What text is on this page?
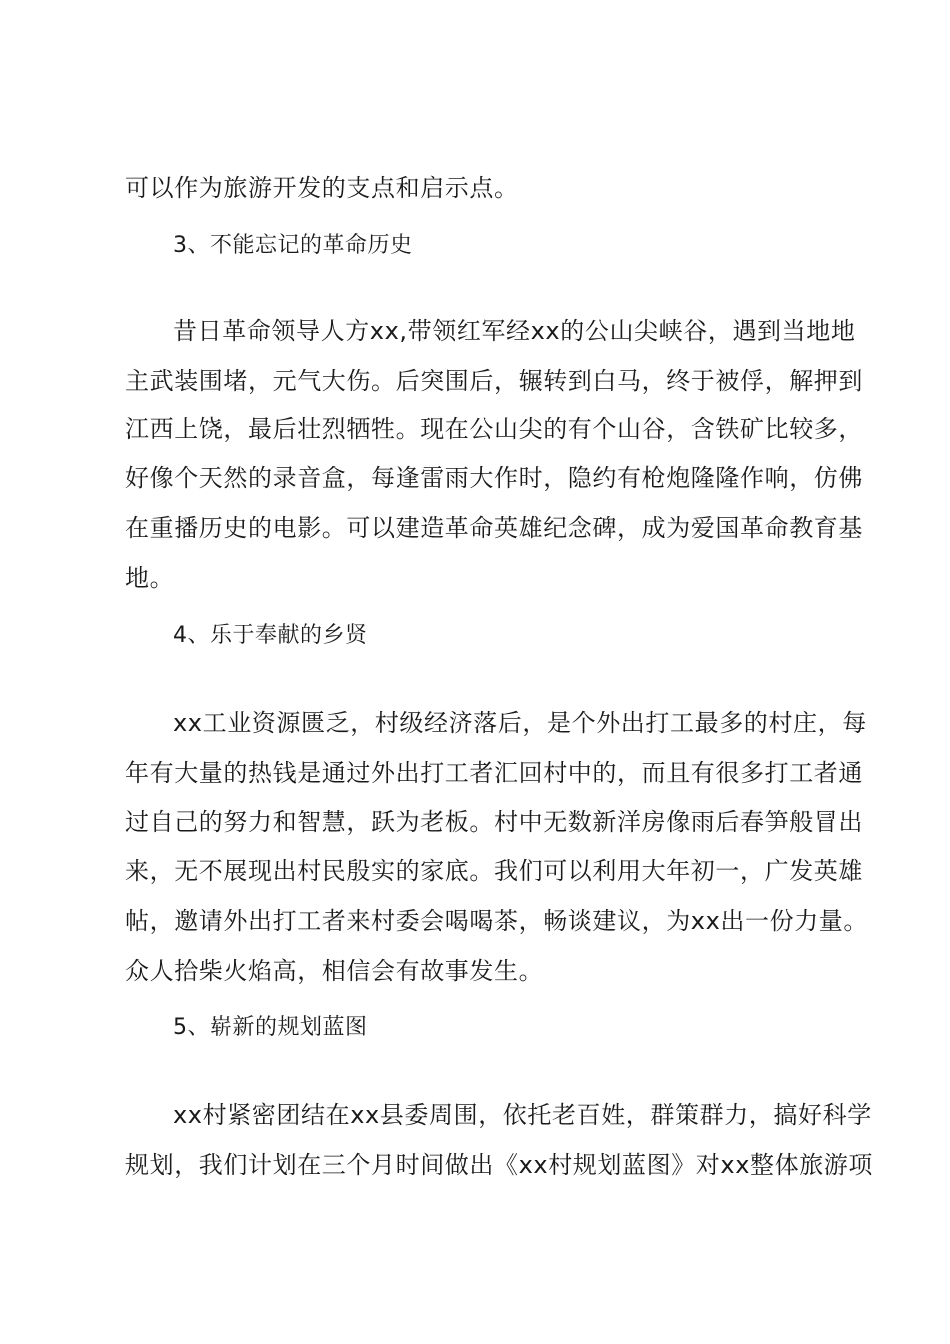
可以作为旅游开发的支点和启示点。
3、不能忘记的革命历史
昔日革命领导人方xx,带领红军经xx的公山尖峡谷，遇到当地地
主武装围堵，元气大伤。后突围后，辗转到白马，终于被俘，解押到
江西上饶，最后壮烈牺牲。现在公山尖的有个山谷，含铁矿比较多，
好像个天然的录音盒，每逢雷雨大作时，隐约有枪炮隆隆作响，仿佛
在重播历史的电影。可以建造革命英雄纪念碑，成为爱国革命教育基
地。
4、乐于奉献的乡贤
xx工业资源匮乏，村级经济落后，是个外出打工最多的村庄，每
年有大量的热钱是通过外出打工者汇回村中的，而且有很多打工者通
过自己的努力和智慧，跃为老板。村中无数新洋房像雨后春笋般冒出
来，无不展现出村民殷实的家底。我们可以利用大年初一，广发英雄
帖，邀请外出打工者来村委会喝喝茶，畅谈建议，为xx出一份力量。
众人拾柴火焰高，相信会有故事发生。
5、崭新的规划蓝图
xx村紧密团结在xx县委周围，依托老百姓，群策群力，搞好科学
规划，我们计划在三个月时间做出《xx村规划蓝图》对xx整体旅游项
